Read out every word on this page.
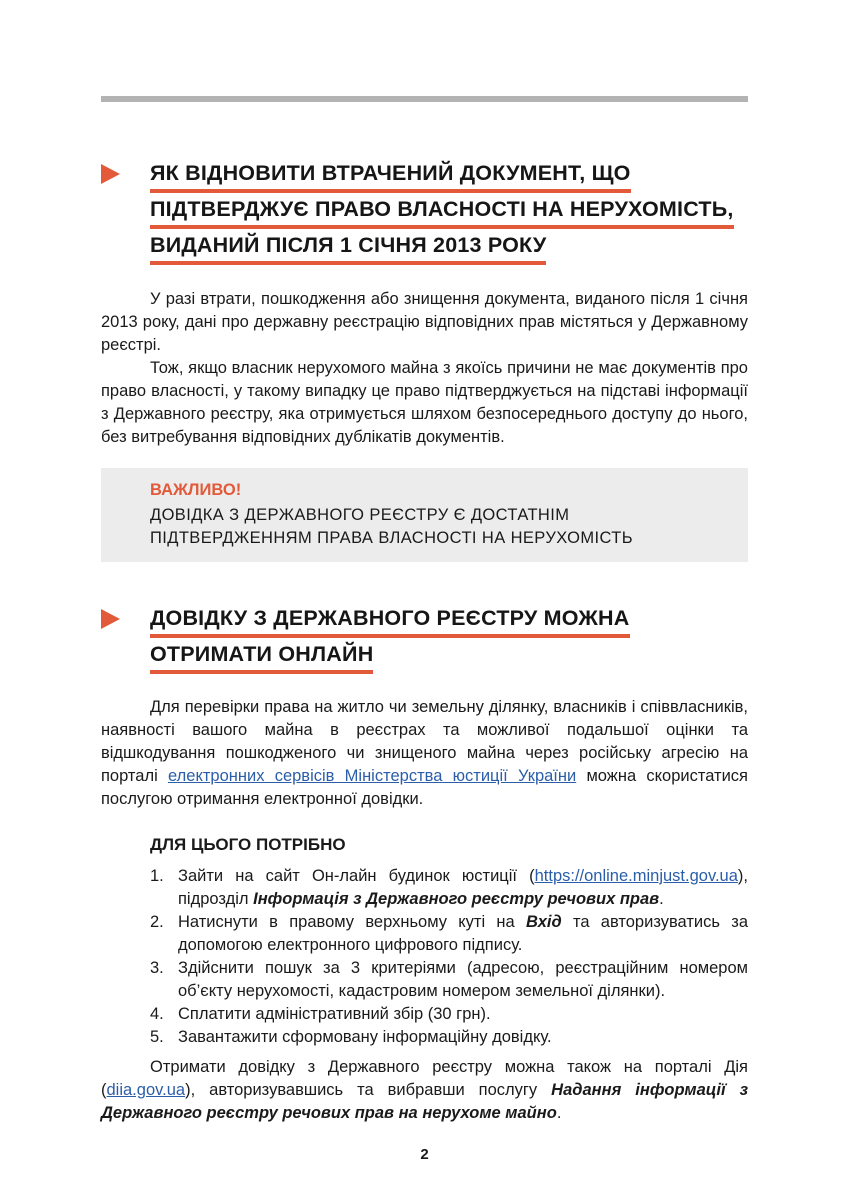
ЯК ВІДНОВИТИ ВТРАЧЕНИЙ ДОКУМЕНТ, ЩО
ПІДТВЕРДЖУЄ ПРАВО ВЛАСНОСТІ НА НЕРУХОМІСТЬ,
ВИДАНИЙ ПІСЛЯ 1 СІЧНЯ 2013 РОКУ

У разі втрати, пошкодження або знищення документа, виданого після 1 січня 2013 року, дані про державну реєстрацію відповідних прав містяться у Державному реєстрі.

Тож, якщо власник нерухомого майна з якоїсь причини не має документів про право власності, у такому випадку це право підтверджується на підставі інформації з Державного реєстру, яка отримується шляхом безпосереднього доступу до нього, без витребування відповідних дублікатів документів.

ВАЖЛИВО!
ДОВІДКА З ДЕРЖАВНОГО РЕЄСТРУ Є ДОСТАТНІМ ПІДТВЕРДЖЕННЯМ ПРАВА ВЛАСНОСТІ НА НЕРУХОМІСТЬ
ДОВІДКУ З ДЕРЖАВНОГО РЕЄСТРУ МОЖНА
ОТРИМАТИ ОНЛАЙН

Для перевірки права на житло чи земельну ділянку, власників і співвласників, наявності вашого майна в реєстрах та можливої подальшої оцінки та відшкодування пошкодженого чи знищеного майна через російську агресію на порталі електронних сервісів Міністерства юстиції України можна скористатися послугою отримання електронної довідки.

ДЛЯ ЦЬОГО ПОТРІБНО
1. Зайти на сайт Он-лайн будинок юстиції (https://online.minjust.gov.ua), підрозділ Інформація з Державного реєстру речових прав.
2. Натиснути в правому верхньому куті на Вхід та авторизуватись за допомогою електронного цифрового підпису.
3. Здійснити пошук за 3 критеріями (адресою, реєстраційним номером об’єкту нерухомості, кадастровим номером земельної ділянки).
4. Сплатити адміністративний збір (30 грн).
5. Завантажити сформовану інформаційну довідку.

Отримати довідку з Державного реєстру можна також на порталі Дія (diia.gov.ua), авторизувавшись та вибравши послугу Надання інформації з Державного реєстру речових прав на нерухоме майно.

2
